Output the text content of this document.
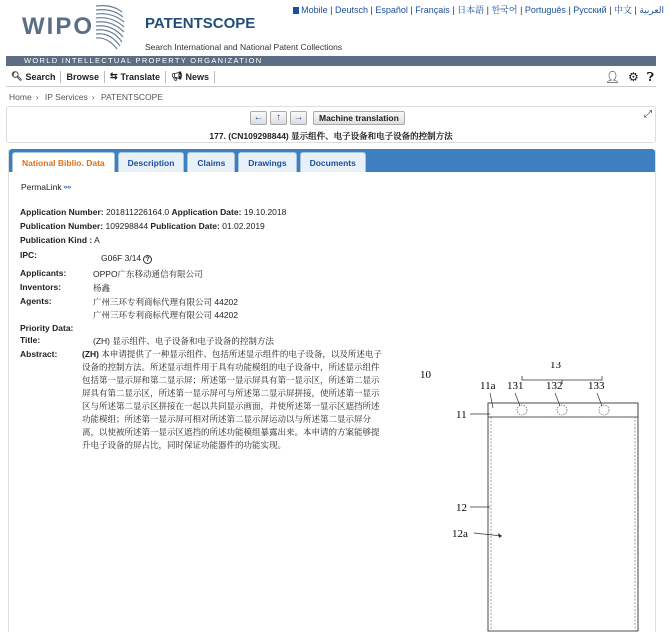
WIPO	PATENTSCOPE
Search International and National Patent Collections
Mobile | Deutsch | Español | Français | 日本語 | 한국어 | Português | Русский | 中文 | العربية
WORLD INTELLECTUAL PROPERTY ORGANIZATION
🔍︎ Search Browse ⇆ Translate 📢︎ News	👤︎ ⚙ ❓︎
Home › IP Services › PATENTSCOPE
←	↑	→	Machine translation
177. (CN109298844) 显示组件、电子设备和电子设备的控制方法
⤢
National Biblio. Data	Description	Claims	Drawings	Documents
PermaLink ⚯
Application Number: 201811226164.0 Application Date: 19.10.2018
Publication Number: 109298844 Publication Date: 01.02.2019
Publication Kind : A
IPC:	G06F 3/14 ?
Applicants:	OPPO广东移动通信有限公司
Inventors:	杨鑫
Agents:	广州三环专利商标代理有限公司 44202
广州三环专利商标代理有限公司 44202
Priority Data:
Title:	(ZH) 显示组件、电子设备和电子设备的控制方法
Abstract:	(ZH) 本申请提供了一种显示组件、包括所述显示组件的电子设备，以及所述电子
设备的控制方法。所述显示组件用于具有功能模组的电子设备中，所述显示组件
包括第一显示屏和第二显示屏；所述第一显示屏具有第一显示区，所述第二显示
屏具有第二显示区，所述第一显示屏可与所述第二显示屏拼接，使所述第一显示
区与所述第二显示区拼接在一起以共同显示画面，并使所述第一显示区遮挡所述
功能模组；所述第一显示屏可相对所述第二显示屏运动以与所述第二显示屏分
离，以使被所述第一显示区遮挡的所述功能模组暴露出来。本申请的方案能够提
升电子设备的屏占比，同时保证功能器件的功能实现。
10
13
11a 131 132 133
11
12
12a
